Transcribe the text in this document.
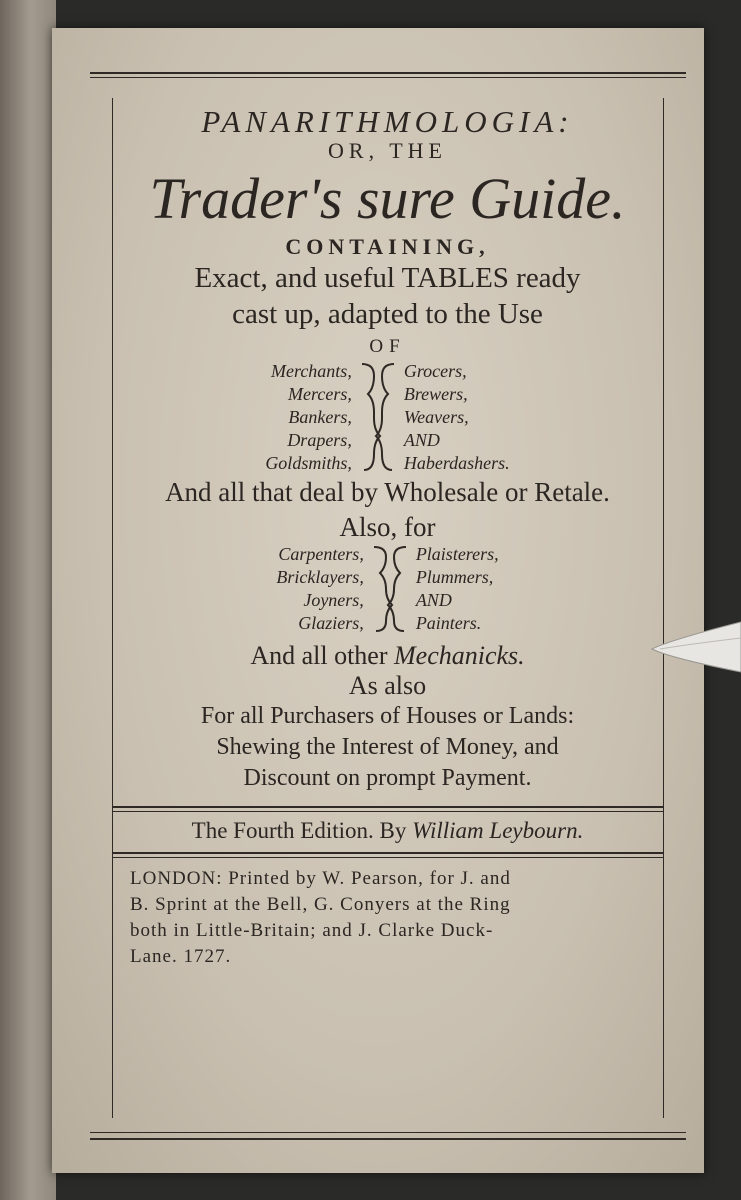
PANARITHMOLOGIA:
OR, THE
Trader's sure Guide.
CONTAINING,
Exact, and useful TABLES ready
cast up, adapted to the Use
OF
Merchants,
Mercers,
Bankers,
Drapers,
Goldsmiths,
Grocers,
Brewers,
Weavers,
AND
Haberdashers.
And all that deal by Wholesale or Retale.
Also, for
Carpenters,
Bricklayers,
Joyners,
Glaziers,
Plaisterers,
Plummers,
AND
Painters.
And all other Mechanicks.
As also
For all Purchasers of Houses or Lands:
Shewing the Interest of Money, and
Discount on prompt Payment.
The Fourth Edition. By William Leybourn.
LONDON: Printed by W. Pearson, for J. and
B. Sprint at the Bell, G. Conyers at the Ring
both in Little-Britain; and J. Clarke Duck-
Lane. 1727.
